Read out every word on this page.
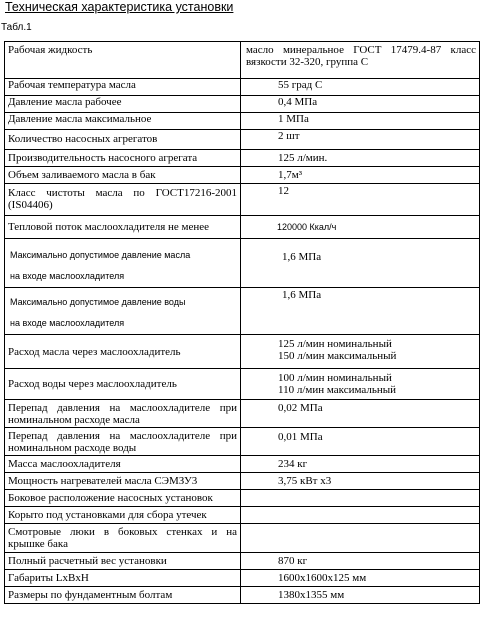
Техническая характеристика установки
Табл.1
Рабочая жидкость	масло минеральное ГОСТ 17479.4-87 класс вязкости 32-320, группа С
Рабочая температура масла	55 град С
Давление масла рабочее	0,4 МПа
Давление масла максимальное	1 МПа
Количество насосных агрегатов	2 шт
Производительность насосного агрегата	125 л/мин.
Объем заливаемого масла в бак	1,7м³
Класс чистоты масла по ГОСТ17216-2001 (IS04406)	12
Тепловой поток маслоохладителя не менее	120000 Ккал/ч
Максимально допустимое давление масла
на входе маслоохладителя	1,6 МПа
Максимально допустимое давление воды
на входе маслоохладителя	1,6 МПа
Расход масла через маслоохладитель	125 л/мин номинальный
150 л/мин максимальный
Расход воды через маслоохладитель	100 л/мин номинальный
110 л/мин максимальный
Перепад давления на маслоохладителе при номинальном расходе масла	0,02 МПа
Перепад давления на маслоохладителе при номинальном расходе воды	0,01 МПа
Масса маслоохладителя	234 кг
Мощность нагревателей масла СЭМЗУ3	3,75 кВт х3
Боковое расположение насосных установок	
Корыто под установками для сбора утечек	
Смотровые люки в боковых стенках и на крышке бака	
Полный расчетный вес установки	870 кг
Габариты LxBxH	1600х1600х125 мм
Размеры по фундаментным болтам	1380х1355 мм
